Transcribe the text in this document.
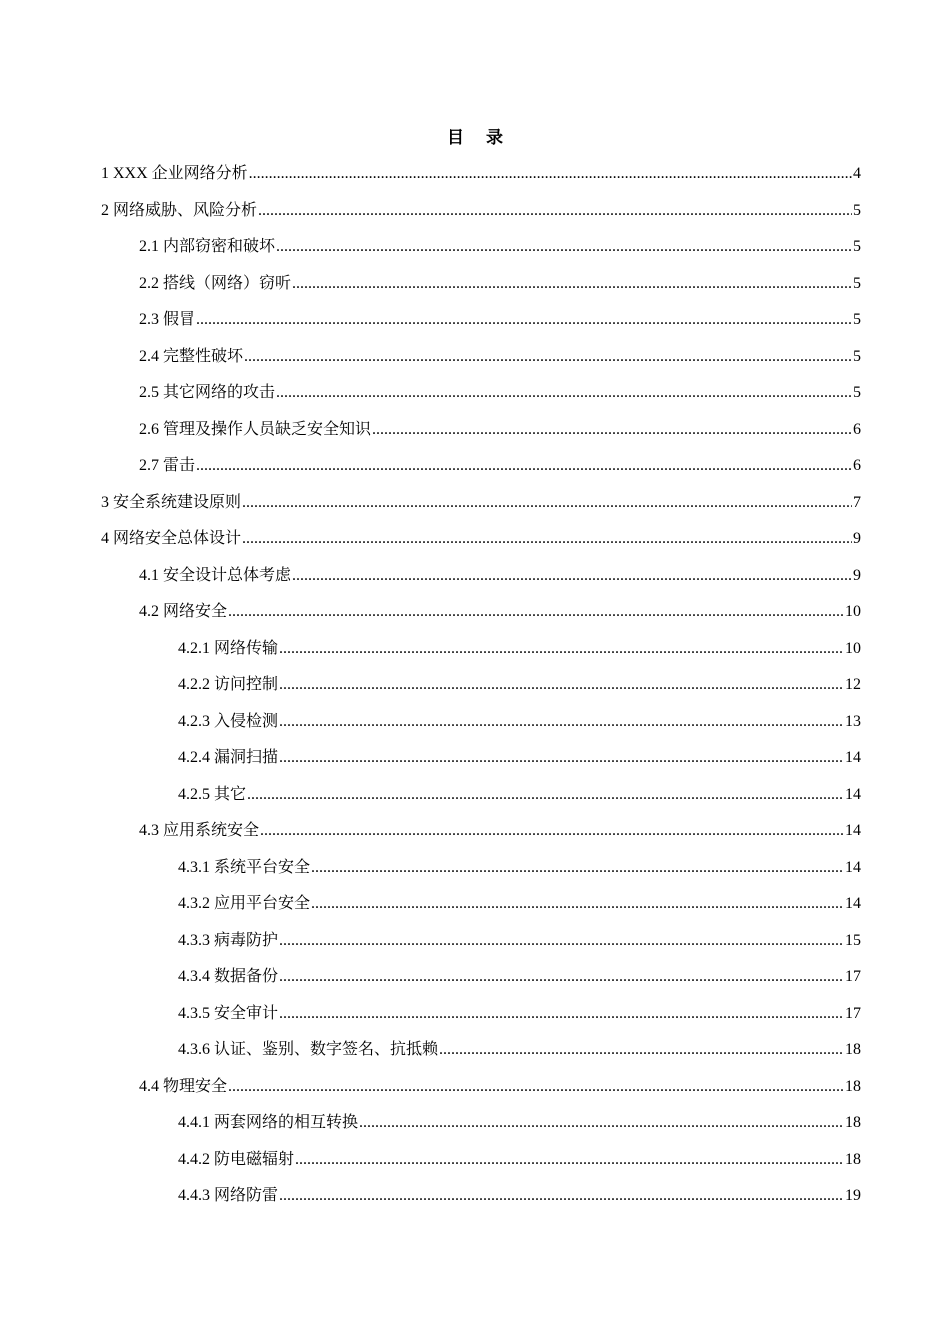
目 录
1 XXX 企业网络分析 .....	4
2 网络威胁、风险分析 .....	5
2.1 内部窃密和破坏 .....	5
2.2 搭线（网络）窃听 .....	5
2.3 假冒 .....	5
2.4 完整性破坏 .....	5
2.5 其它网络的攻击 .....	5
2.6 管理及操作人员缺乏安全知识 .....	6
2.7 雷击 .....	6
3 安全系统建设原则 .....	7
4 网络安全总体设计 .....	9
4.1 安全设计总体考虑 .....	9
4.2 网络安全 .....	10
4.2.1 网络传输 .....	10
4.2.2 访问控制 .....	12
4.2.3 入侵检测 .....	13
4.2.4 漏洞扫描 .....	14
4.2.5 其它 .....	14
4.3 应用系统安全 .....	14
4.3.1 系统平台安全 .....	14
4.3.2 应用平台安全 .....	14
4.3.3 病毒防护 .....	15
4.3.4 数据备份 .....	17
4.3.5 安全审计 .....	17
4.3.6 认证、鉴别、数字签名、抗抵赖 .....	18
4.4 物理安全 .....	18
4.4.1 两套网络的相互转换 .....	18
4.4.2 防电磁辐射 .....	18
4.4.3 网络防雷 .....	19
